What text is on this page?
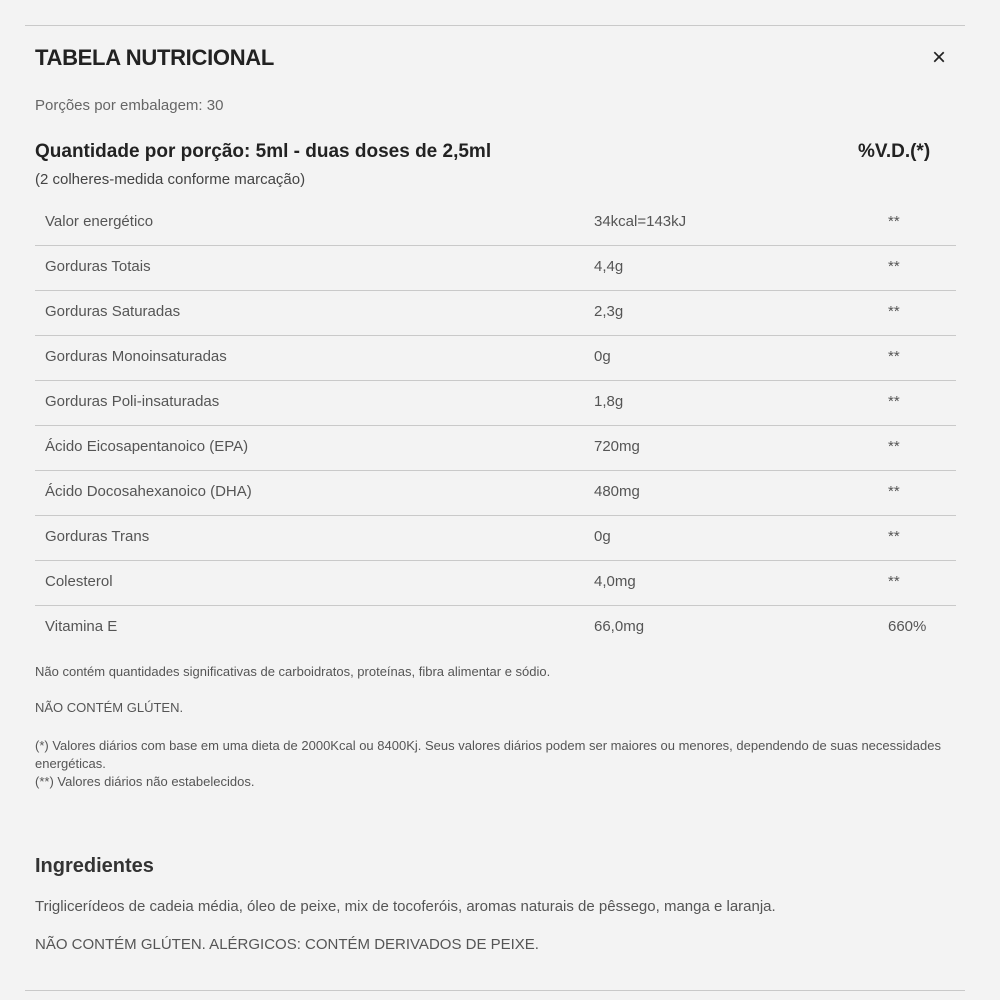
TABELA NUTRICIONAL	×
Porções por embalagem: 30
Quantidade por porção: 5ml - duas doses de 2,5ml	%V.D.(*)
(2 colheres-medida conforme marcação)
Valor energético	34kcal=143kJ	**
Gorduras Totais	4,4g	**
Gorduras Saturadas	2,3g	**
Gorduras Monoinsaturadas	0g	**
Gorduras Poli-insaturadas	1,8g	**
Ácido Eicosapentanoico (EPA)	720mg	**
Ácido Docosahexanoico (DHA)	480mg	**
Gorduras Trans	0g	**
Colesterol	4,0mg	**
Vitamina E	66,0mg	660%
Não contém quantidades significativas de carboidratos, proteínas, fibra alimentar e sódio.
NÃO CONTÉM GLÚTEN.
(*) Valores diários com base em uma dieta de 2000Kcal ou 8400Kj. Seus valores diários podem ser maiores ou menores, dependendo de suas necessidades energéticas.
(**) Valores diários não estabelecidos.
Ingredientes
Triglicerídeos de cadeia média, óleo de peixe, mix de tocoferóis, aromas naturais de pêssego, manga e laranja.
NÃO CONTÉM GLÚTEN. ALÉRGICOS: CONTÉM DERIVADOS DE PEIXE.
